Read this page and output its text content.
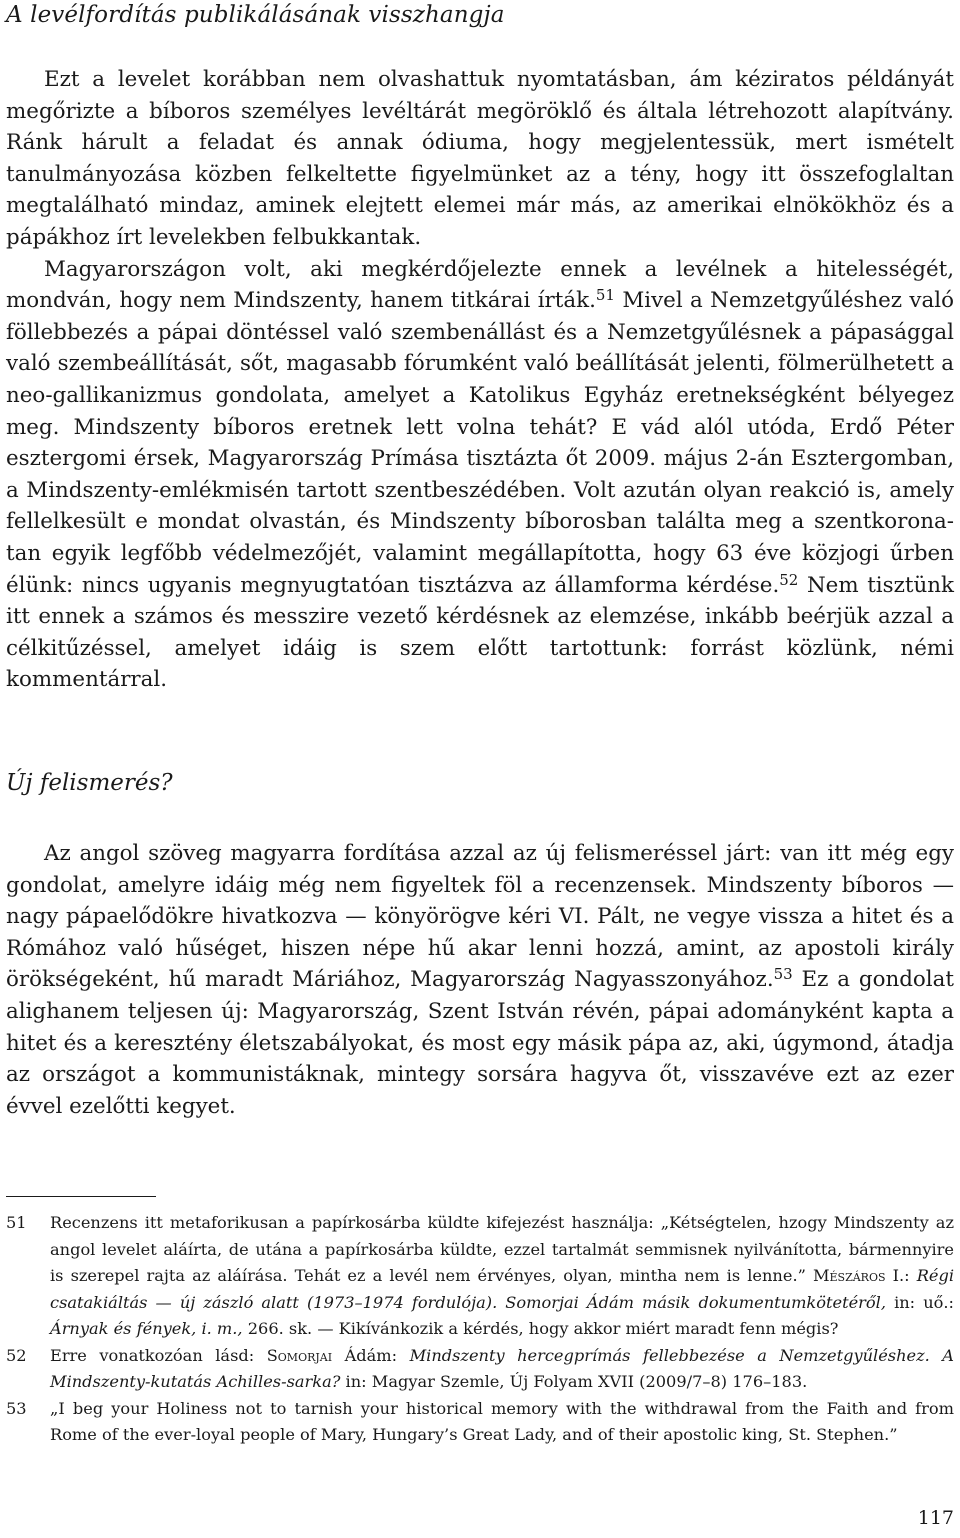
A levélfordítás publikálásának visszhangja

Ezt a levelet korábban nem olvashattuk nyomtatásban, ám kéziratos példányát megőrizte a bíboros személyes levéltárát megöröklő és általa létrehozott alapítvány. Ránk hárult a feladat és annak ódiuma, hogy megjelentessük, mert ismételt tanulmányozása közben felkeltette figyelmünket az a tény, hogy itt összefoglaltan megtalálható mindaz, aminek elejtett elemei már más, az amerikai elnökökhöz és a pápákhoz írt levelekben felbukkantak.

Magyarországon volt, aki megkérdőjelezte ennek a levélnek a hitelességét, mondván, hogy nem Mindszenty, hanem titkárai írták.$^{51}$ Mivel a Nemzetgyűléshez való föllebbezés a pápai döntéssel való szembenállást és a Nemzetgyűlésnek a pápasággal való szembeállítását, sőt, magasabb fórumként való beállítását jelenti, fölmerülhetett a neo-gallikanizmus gondolata, amelyet a Katolikus Egyház eretnekségként bélyegez meg. Mindszenty bíboros eretnek lett volna tehát? E vád alól utóda, Erdő Péter esztergomi érsek, Magyarország Prímása tisztázta őt 2009. május 2-án Esztergomban, a Mindszenty-emlékmisén tartott szentbeszédében. Volt azután olyan reakció is, amely fellelkesült e mondat olvastán, és Mindszenty bíborosban találta meg a szentkorona-tan egyik legfőbb védelmezőjét, valamint megállapította, hogy 63 éve közjogi űrben élünk: nincs ugyanis megnyugtatóan tisztázva az államforma kérdése.$^{52}$ Nem tisztünk itt ennek a számos és messzire vezető kérdésnek az elemzése, inkább beérjük azzal a célkitűzéssel, amelyet idáig is szem előtt tartottunk: forrást közlünk, némi kommentárral.

Új felismerés?

Az angol szöveg magyarra fordítása azzal az új felismeréssel járt: van itt még egy gondolat, amelyre idáig még nem figyeltek föl a recenzensek. Mindszenty bíboros — nagy pápaelődökre hivatkozva — könyörögve kéri VI. Pált, ne vegye vissza a hitet és a Rómához való hűséget, hiszen népe hű akar lenni hozzá, amint, az apostoli király örökségeként, hű maradt Máriához, Magyarország Nagyasszonyához.$^{53}$ Ez a gondolat alighanem teljesen új: Magyarország, Szent István révén, pápai adományként kapta a hitet és a keresztény életszabályokat, és most egy másik pápa az, aki, úgymond, átadja az országot a kommunistáknak, mintegy sorsára hagyva őt, visszavéve ezt az ezer évvel ezelőtti kegyet.

51	Recenzens itt metaforikusan a papírkosárba küldte kifejezést használja: „Kétségtelen, hzogy Mindszenty az angol levelet aláírta, de utána a papírkosárba küldte, ezzel tartalmát semmisnek nyilvánította, bármennyire is szerepel rajta az aláírása. Tehát ez a levél nem érvényes, olyan, mintha nem is lenne.” Mészáros I.: Régi csatakiáltás — új zászló alatt (1973–1974 fordulója). Somorjai Ádám másik dokumentumkötetéről, in: uő.: Árnyak és fények, i. m., 266. sk. — Kikívánkozik a kérdés, hogy akkor miért maradt fenn mégis?
52	Erre vonatkozóan lásd: Somorjai Ádám: Mindszenty hercegprímás fellebbezése a Nemzetgyűléshez. A Mindszenty-kutatás Achilles-sarka? in: Magyar Szemle, Új Folyam XVII (2009/7–8) 176–183.
53	„I beg your Holiness not to tarnish your historical memory with the withdrawal from the Faith and from Rome of the ever-loyal people of Mary, Hungary’s Great Lady, and of their apostolic king, St. Stephen.”
117
